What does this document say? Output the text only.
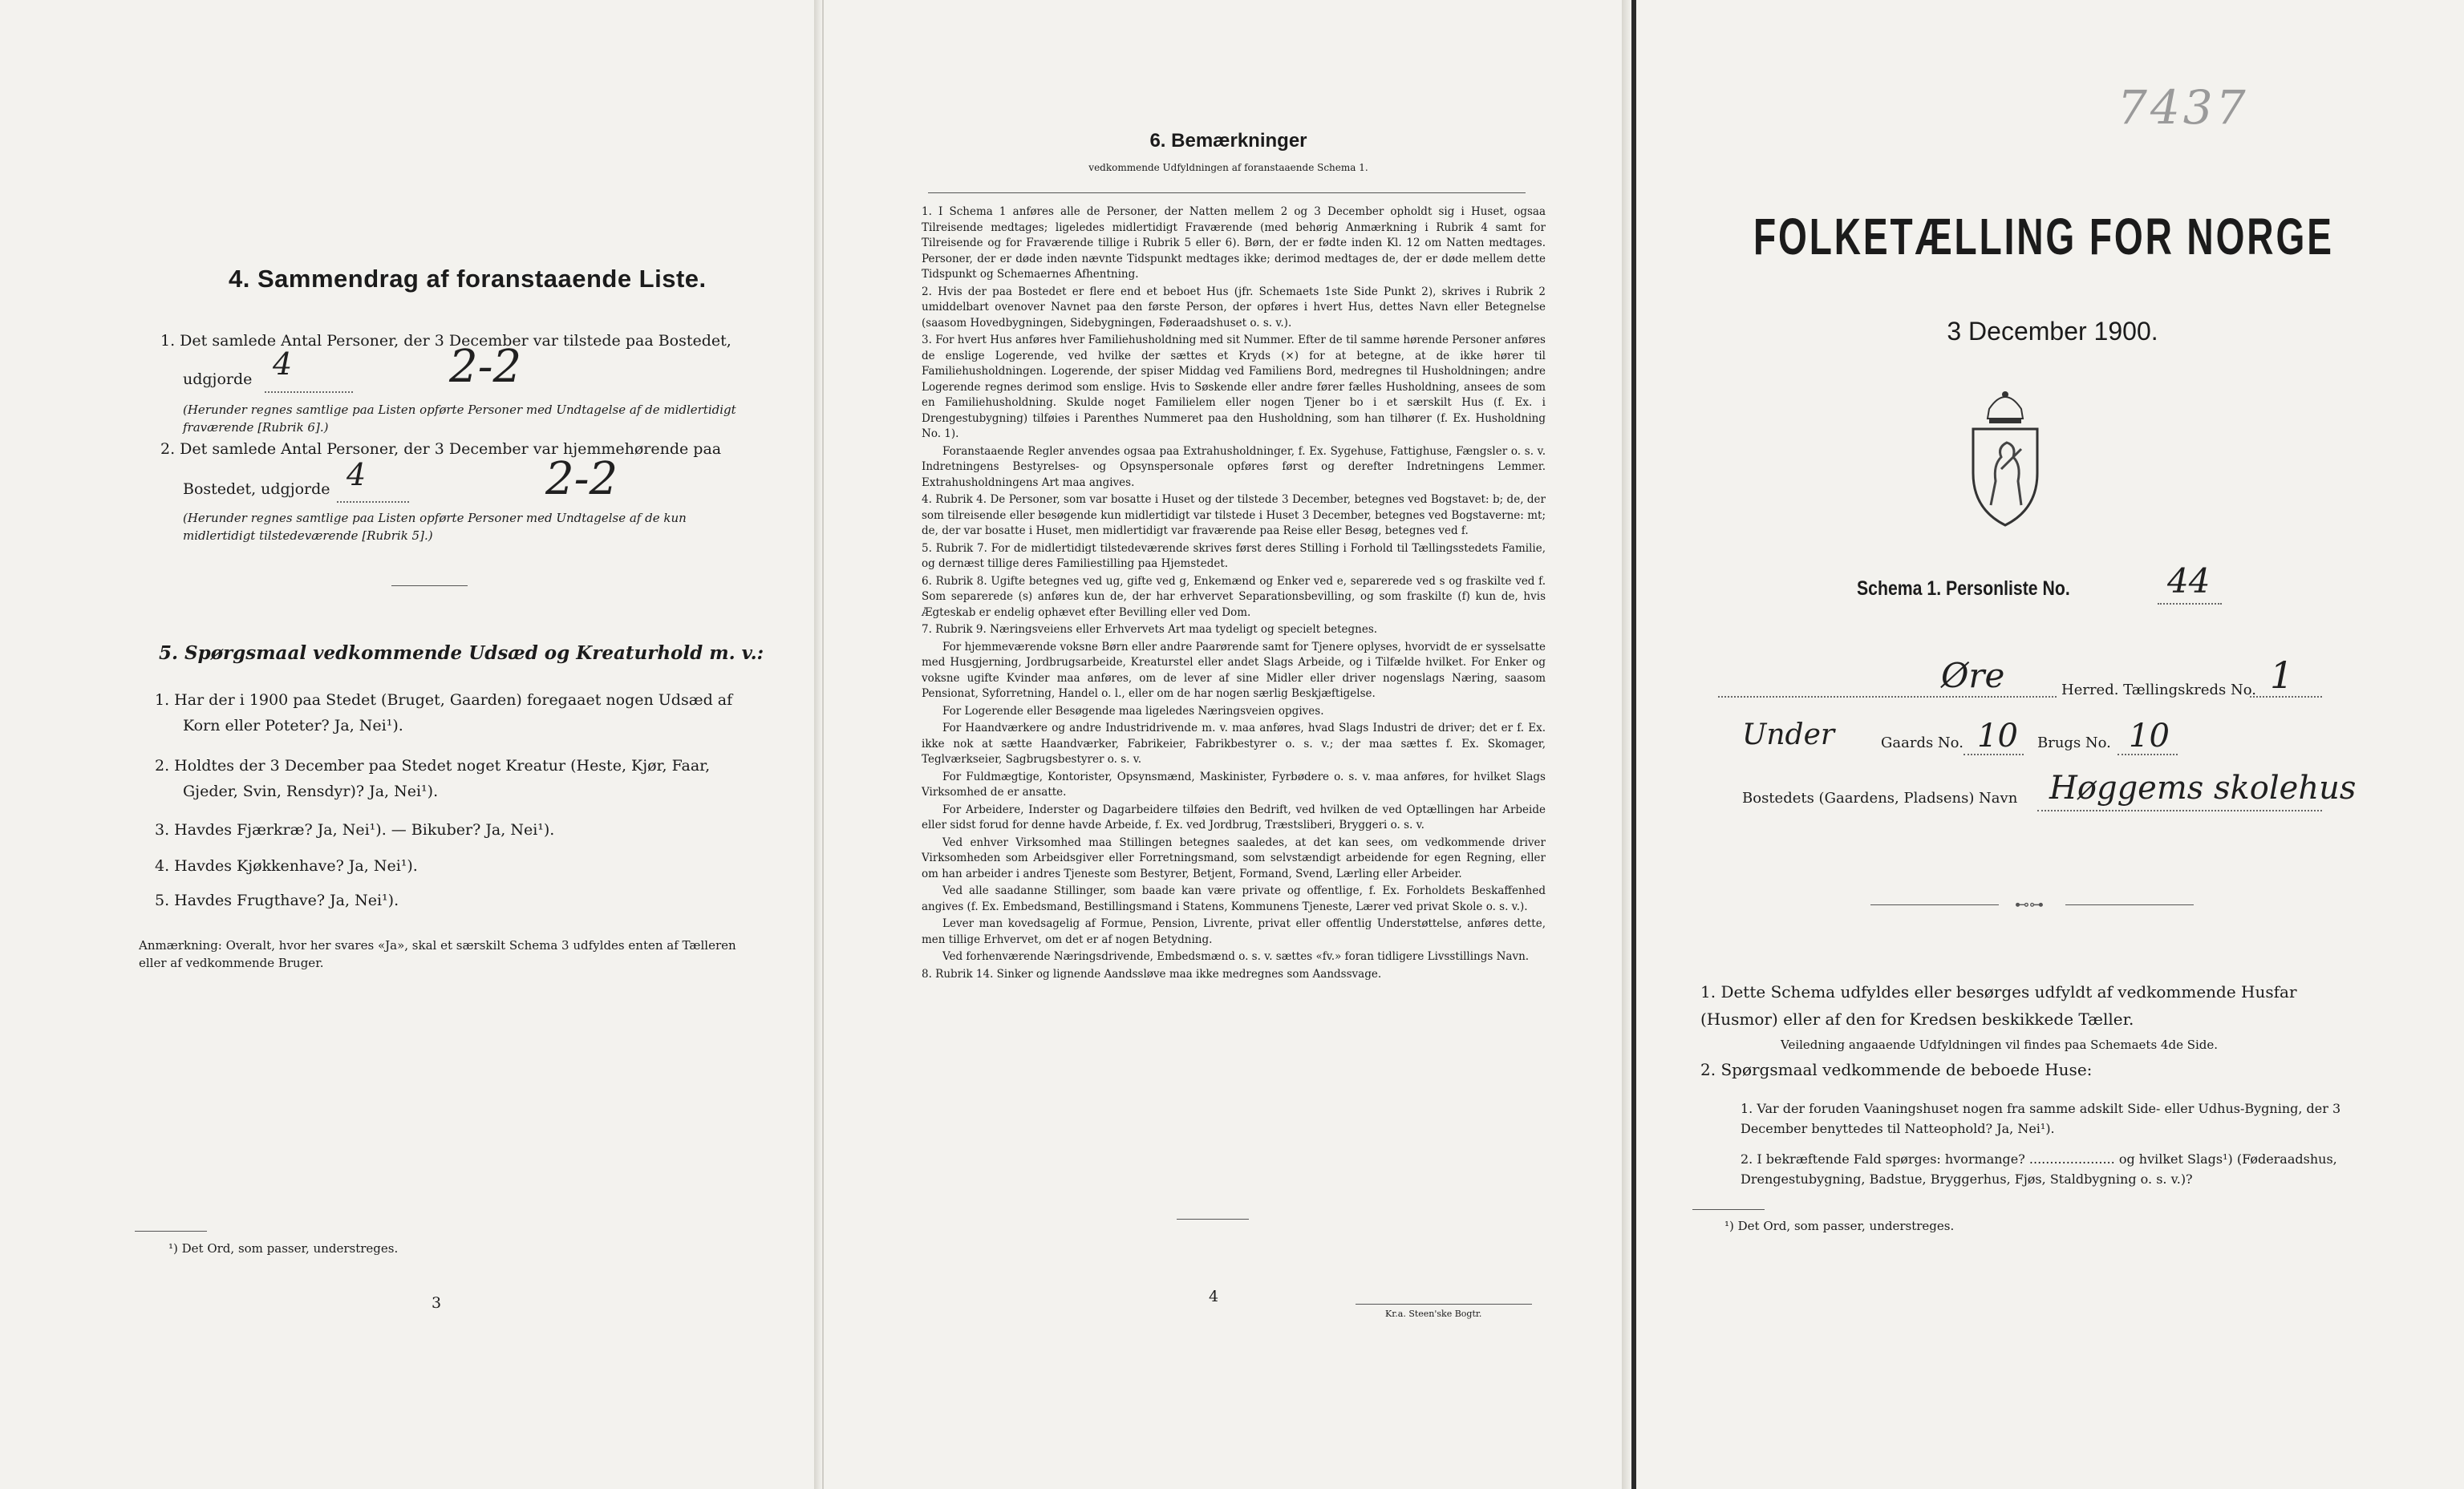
4. Sammendrag af foranstaaende Liste.
1. Det samlede Antal Personer, der 3 December var tilstede paa Bostedet,
udgjorde 4	2-2
(Herunder regnes samtlige paa Listen opførte Personer med Undtagelse af de midlertidigt fraværende [Rubrik 6].)
2. Det samlede Antal Personer, der 3 December var hjemmehørende paa
Bostedet, udgjorde 4	2-2
(Herunder regnes samtlige paa Listen opførte Personer med Undtagelse af de kun midlertidigt tilstedeværende [Rubrik 5].)
5. Spørgsmaal vedkommende Udsæd og Kreaturhold m. v.:
1. Har der i 1900 paa Stedet (Bruget, Gaarden) foregaaet nogen Udsæd af
Korn eller Poteter? Ja, Nei¹).
2. Holdtes der 3 December paa Stedet noget Kreatur (Heste, Kjør, Faar,
Gjeder, Svin, Rensdyr)? Ja, Nei¹).
3. Havdes Fjærkræ? Ja, Nei¹). — Bikuber? Ja, Nei¹).
4. Havdes Kjøkkenhave? Ja, Nei¹).
5. Havdes Frugthave? Ja, Nei¹).
Anmærkning: Overalt, hvor her svares «Ja», skal et særskilt Schema 3 udfyldes enten af Tælleren eller af vedkommende Bruger.
¹) Det Ord, som passer, understreges.
3
6. Bemærkninger
vedkommende Udfyldningen af foranstaaende Schema 1.

1. I Schema 1 anføres alle de Personer, der Natten mellem 2 og 3 December opholdt sig i Huset, ogsaa Tilreisende medtages; ligeledes midlertidigt Fraværende (med behørig Anmærkning i Rubrik 4 samt for Tilreisende og for Fraværende tillige i Rubrik 5 eller 6). Børn, der er fødte inden Kl. 12 om Natten medtages. Personer, der er døde inden nævnte Tidspunkt medtages ikke; derimod medtages de, der er døde mellem dette Tidspunkt og Schemaernes Afhentning.

2. Hvis der paa Bostedet er flere end et beboet Hus (jfr. Schemaets 1ste Side Punkt 2), skrives i Rubrik 2 umiddelbart ovenover Navnet paa den første Person, der opføres i hvert Hus, dettes Navn eller Betegnelse (saasom Hovedbygningen, Sidebygningen, Føderaadshuset o. s. v.).

3. For hvert Hus anføres hver Familiehusholdning med sit Nummer. Efter de til samme hørende Personer anføres de enslige Logerende, ved hvilke der sættes et Kryds (×) for at betegne, at de ikke hører til Familiehusholdningen. Logerende, der spiser Middag ved Familiens Bord, medregnes til Husholdningen; andre Logerende regnes derimod som enslige. Hvis to Søskende eller andre fører fælles Husholdning, ansees de som en Familiehusholdning. Skulde noget Familielem eller nogen Tjener bo i et særskilt Hus (f. Ex. i Drengestubygning) tilføies i Parenthes Nummeret paa den Husholdning, som han tilhører (f. Ex. Husholdning No. 1).

Foranstaaende Regler anvendes ogsaa paa Extrahusholdninger, f. Ex. Sygehuse, Fattighuse, Fængsler o. s. v. Indretningens Bestyrelses- og Opsynspersonale opføres først og derefter Indretningens Lemmer. Extrahusholdningens Art maa angives.

4. Rubrik 4. De Personer, som var bosatte i Huset og der tilstede 3 December, betegnes ved Bogstavet: b; de, der som tilreisende eller besøgende kun midlertidigt var tilstede i Huset 3 December, betegnes ved Bogstaverne: mt; de, der var bosatte i Huset, men midlertidigt var fraværende paa Reise eller Besøg, betegnes ved f.

5. Rubrik 7. For de midlertidigt tilstedeværende skrives først deres Stilling i Forhold til Tællingsstedets Familie, og dernæst tillige deres Familiestilling paa Hjemstedet.

6. Rubrik 8. Ugifte betegnes ved ug, gifte ved g, Enkemænd og Enker ved e, separerede ved s og fraskilte ved f. Som separerede (s) anføres kun de, der har erhvervet Separationsbevilling, og som fraskilte (f) kun de, hvis Ægteskab er endelig ophævet efter Bevilling eller ved Dom.

7. Rubrik 9. Næringsveiens eller Erhvervets Art maa tydeligt og specielt betegnes.

For hjemmeværende voksne Børn eller andre Paarørende samt for Tjenere oplyses, hvorvidt de er sysselsatte med Husgjerning, Jordbrugsarbeide, Kreaturstel eller andet Slags Arbeide, og i Tilfælde hvilket. For Enker og voksne ugifte Kvinder maa anføres, om de lever af sine Midler eller driver nogenslags Næring, saasom Pensionat, Syforretning, Handel o. l., eller om de har nogen særlig Beskjæftigelse.

For Logerende eller Besøgende maa ligeledes Næringsveien opgives.

For Haandværkere og andre Industridrivende m. v. maa anføres, hvad Slags Industri de driver; det er f. Ex. ikke nok at sætte Haandværker, Fabrikeier, Fabrikbestyrer o. s. v.; der maa sættes f. Ex. Skomager, Teglværkseier, Sagbrugsbestyrer o. s. v.

For Fuldmægtige, Kontorister, Opsynsmænd, Maskinister, Fyrbødere o. s. v. maa anføres, for hvilket Slags Virksomhed de er ansatte.

For Arbeidere, Inderster og Dagarbeidere tilføies den Bedrift, ved hvilken de ved Optællingen har Arbeide eller sidst forud for denne havde Arbeide, f. Ex. ved Jordbrug, Træstsliberi, Bryggeri o. s. v.

Ved enhver Virksomhed maa Stillingen betegnes saaledes, at det kan sees, om vedkommende driver Virksomheden som Arbeidsgiver eller Forretningsmand, som selvstændigt arbeidende for egen Regning, eller om han arbeider i andres Tjeneste som Bestyrer, Betjent, Formand, Svend, Lærling eller Arbeider.

Ved alle saadanne Stillinger, som baade kan være private og offentlige, f. Ex. Forholdets Beskaffenhed angives (f. Ex. Embedsmand, Bestillingsmand i Statens, Kommunens Tjeneste, Lærer ved privat Skole o. s. v.).

Lever man kovedsagelig af Formue, Pension, Livrente, privat eller offentlig Understøttelse, anføres dette, men tillige Erhvervet, om det er af nogen Betydning.

Ved forhenværende Næringsdrivende, Embedsmænd o. s. v. sættes «fv.» foran tidligere Livsstillings Navn.

8. Rubrik 14. Sinker og lignende Aandssløve maa ikke medregnes som Aandssvage.

4
Kr.a. Steen'ske Bogtr.
7437
FOLKETÆLLING FOR NORGE
3 December 1900.
Schema 1. Personliste No.	44
Øre	Herred. Tællingskreds No. 1
Under	Gaards No. 10 Brugs No. 10
Bostedets (Gaardens, Pladsens) Navn Høggems skolehus
⊷⊶
1. Dette Schema udfyldes eller besørges udfyldt af vedkommende Husfar (Husmor) eller af den for Kredsen beskikkede Tæller.
Veiledning angaaende Udfyldningen vil findes paa Schemaets 4de Side.
2. Spørgsmaal vedkommende de beboede Huse:
1. Var der foruden Vaaningshuset nogen fra samme adskilt Side- eller Udhus-Bygning, der 3 December benyttedes til Natteophold? Ja, Nei¹).
2. I bekræftende Fald spørges: hvormange? ..................... og hvilket Slags¹) (Føderaadshus, Drengestubygning, Badstue, Bryggerhus, Fjøs, Staldbygning o. s. v.)?
¹) Det Ord, som passer, understreges.
